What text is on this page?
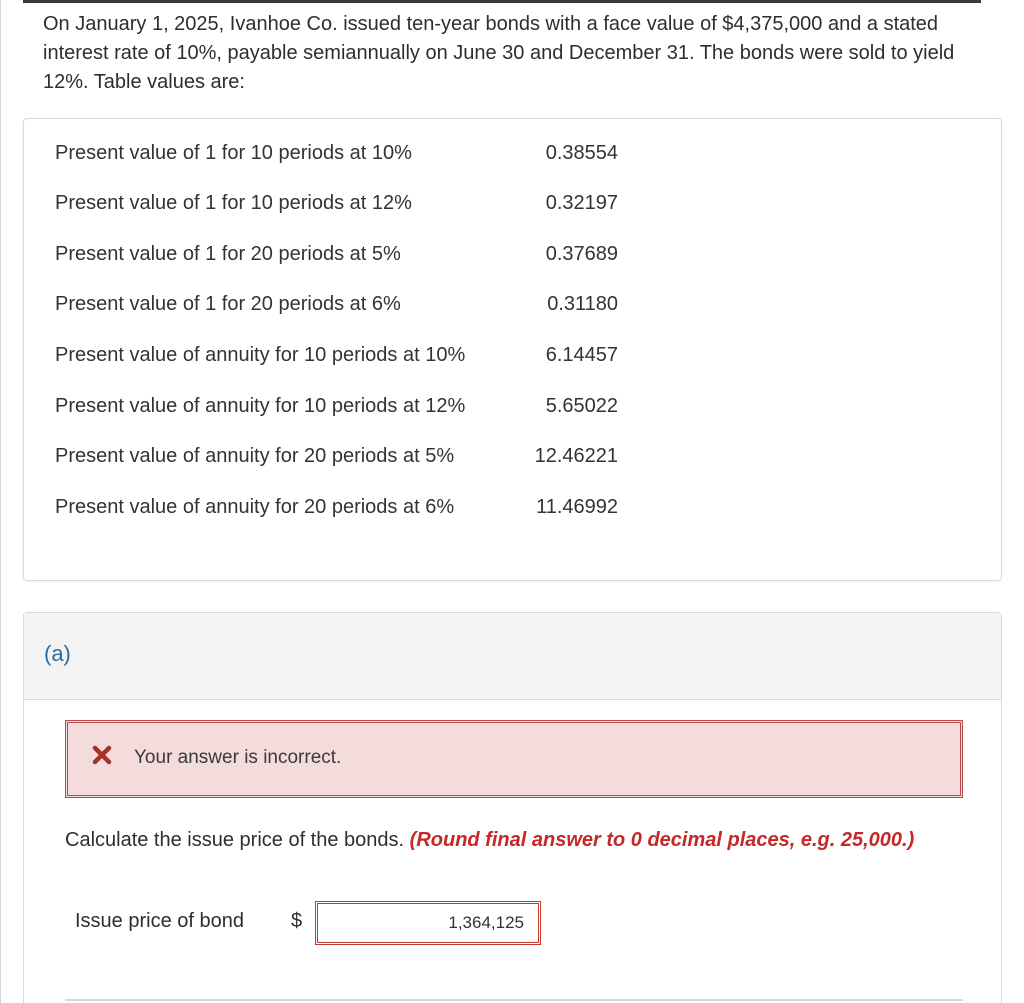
On January 1, 2025, Ivanhoe Co. issued ten-year bonds with a face value of $4,375,000 and a stated interest rate of 10%, payable semiannually on June 30 and December 31. The bonds were sold to yield 12%. Table values are:
Present value of 1 for 10 periods at 10%	0.38554
Present value of 1 for 10 periods at 12%	0.32197
Present value of 1 for 20 periods at 5%	0.37689
Present value of 1 for 20 periods at 6%	0.31180
Present value of annuity for 10 periods at 10%	6.14457
Present value of annuity for 10 periods at 12%	5.65022
Present value of annuity for 20 periods at 5%	12.46221
Present value of annuity for 20 periods at 6%	11.46992
(a)
Your answer is incorrect.
Calculate the issue price of the bonds. (Round final answer to 0 decimal places, e.g. 25,000.)
Issue price of bond $
1,364,125
